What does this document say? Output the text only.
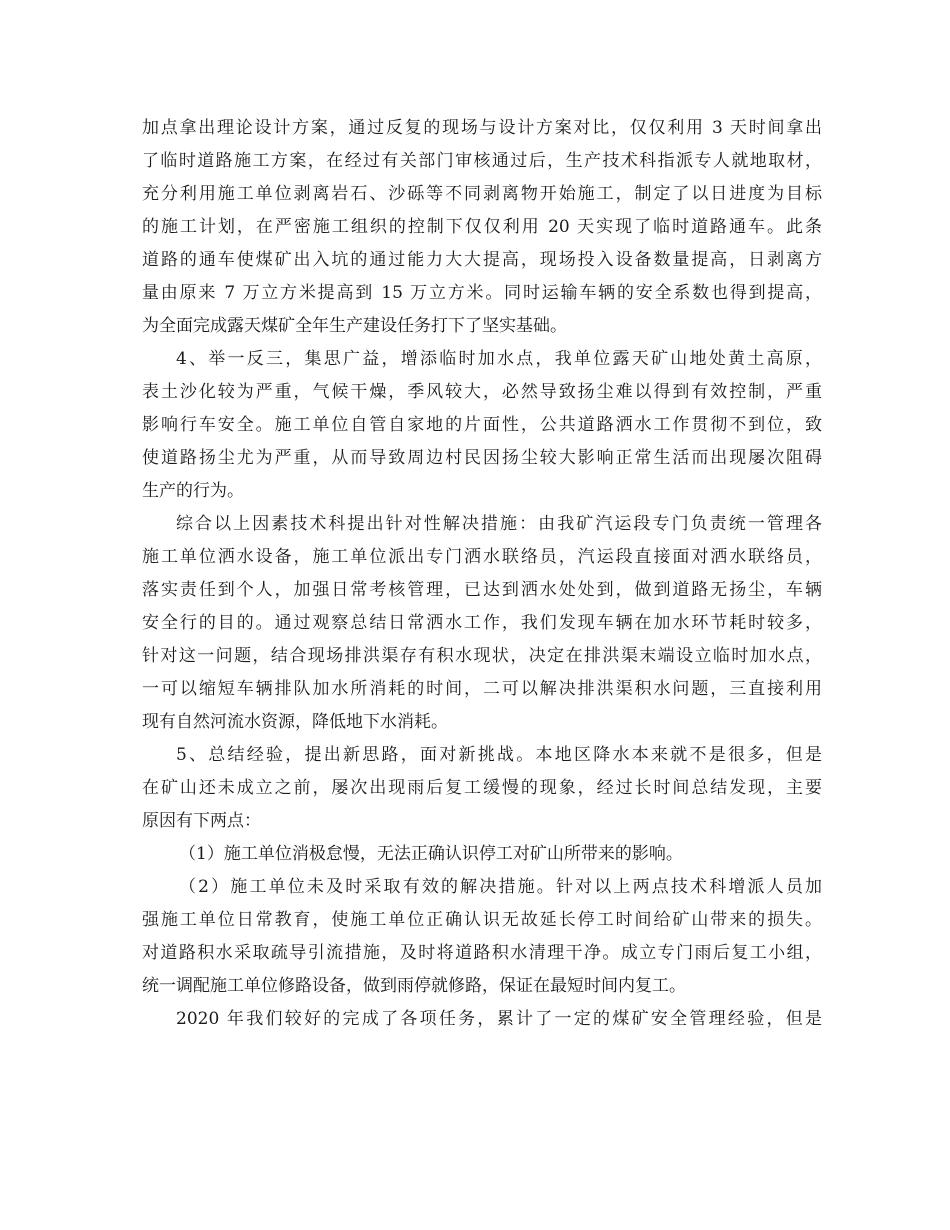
加点拿出理论设计方案，通过反复的现场与设计方案对比，仅仅利用 3 天时间拿出
了临时道路施工方案，在经过有关部门审核通过后，生产技术科指派专人就地取材，
充分利用施工单位剥离岩石、沙砾等不同剥离物开始施工，制定了以日进度为目标
的施工计划，在严密施工组织的控制下仅仅利用 20 天实现了临时道路通车。此条
道路的通车使煤矿出入坑的通过能力大大提高，现场投入设备数量提高，日剥离方
量由原来 7 万立方米提高到 15 万立方米。同时运输车辆的安全系数也得到提高，
为全面完成露天煤矿全年生产建设任务打下了坚实基础。
4、举一反三，集思广益，增添临时加水点，我单位露天矿山地处黄土高原，
表土沙化较为严重，气候干燥，季风较大，必然导致扬尘难以得到有效控制，严重
影响行车安全。施工单位自管自家地的片面性，公共道路洒水工作贯彻不到位，致
使道路扬尘尤为严重，从而导致周边村民因扬尘较大影响正常生活而出现屡次阻碍
生产的行为。
综合以上因素技术科提出针对性解决措施：由我矿汽运段专门负责统一管理各
施工单位洒水设备，施工单位派出专门洒水联络员，汽运段直接面对洒水联络员，
落实责任到个人，加强日常考核管理，已达到洒水处处到，做到道路无扬尘，车辆
安全行的目的。通过观察总结日常洒水工作，我们发现车辆在加水环节耗时较多，
针对这一问题，结合现场排洪渠存有积水现状，决定在排洪渠末端设立临时加水点，
一可以缩短车辆排队加水所消耗的时间，二可以解决排洪渠积水问题，三直接利用
现有自然河流水资源，降低地下水消耗。
5、总结经验，提出新思路，面对新挑战。本地区降水本来就不是很多，但是
在矿山还未成立之前，屡次出现雨后复工缓慢的现象，经过长时间总结发现，主要
原因有下两点：
（1）施工单位消极怠慢，无法正确认识停工对矿山所带来的影响。
（2）施工单位未及时采取有效的解决措施。针对以上两点技术科增派人员加
强施工单位日常教育，使施工单位正确认识无故延长停工时间给矿山带来的损失。
对道路积水采取疏导引流措施，及时将道路积水清理干净。成立专门雨后复工小组，
统一调配施工单位修路设备，做到雨停就修路，保证在最短时间内复工。
2020 年我们较好的完成了各项任务，累计了一定的煤矿安全管理经验，但是
